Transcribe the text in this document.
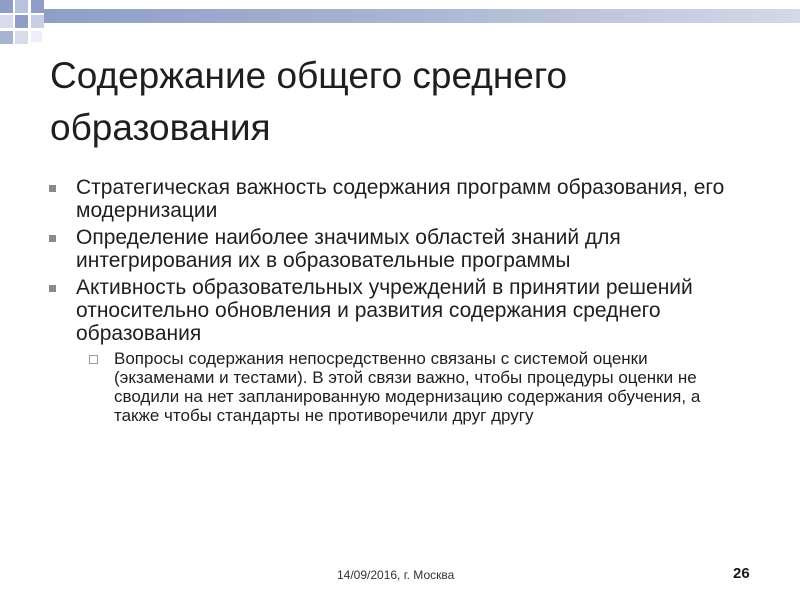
Содержание общего среднего образования
Стратегическая важность содержания программ образования, его модернизации
Определение наиболее значимых областей знаний для интегрирования их в образовательные программы
Активность образовательных учреждений в принятии решений относительно обновления и развития содержания среднего образования
Вопросы содержания непосредственно связаны с системой оценки (экзаменами и тестами). В этой связи важно, чтобы процедуры оценки не сводили на нет запланированную модернизацию содержания обучения, а также чтобы стандарты не противоречили друг другу
14/09/2016, г. Москва	26
